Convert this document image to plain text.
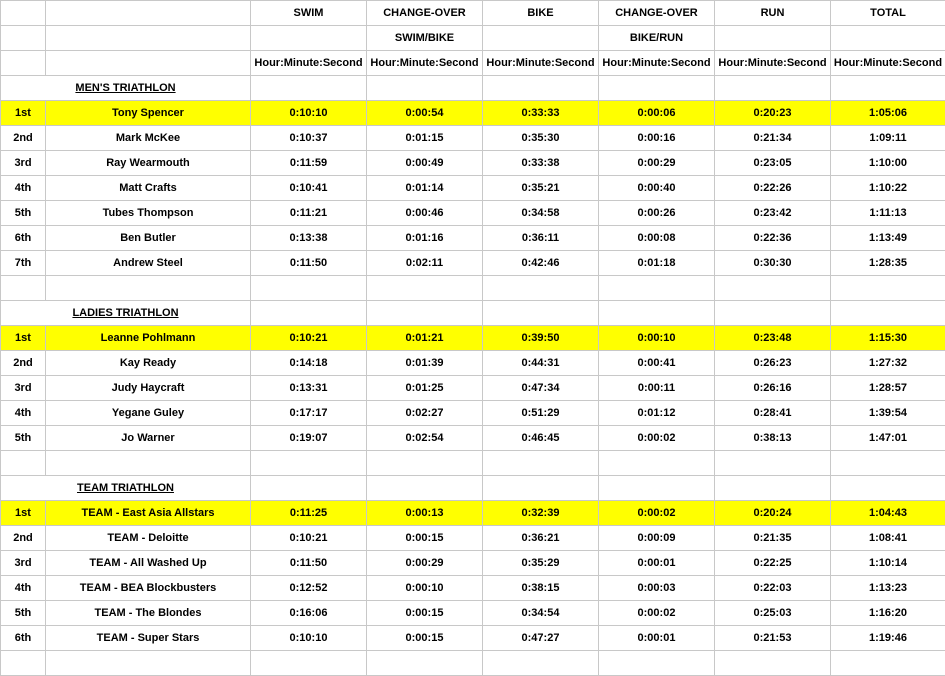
		SWIM	CHANGE-OVER	BIKE	CHANGE-OVER	RUN	TOTAL
			SWIM/BIKE		BIKE/RUN		
		Hour:Minute:Second	Hour:Minute:Second	Hour:Minute:Second	Hour:Minute:Second	Hour:Minute:Second	Hour:Minute:Second
MEN'S TRIATHLON							
1st	Tony Spencer	0:10:10	0:00:54	0:33:33	0:00:06	0:20:23	1:05:06
2nd	Mark McKee	0:10:37	0:01:15	0:35:30	0:00:16	0:21:34	1:09:11
3rd	Ray Wearmouth	0:11:59	0:00:49	0:33:38	0:00:29	0:23:05	1:10:00
4th	Matt Crafts	0:10:41	0:01:14	0:35:21	0:00:40	0:22:26	1:10:22
5th	Tubes Thompson	0:11:21	0:00:46	0:34:58	0:00:26	0:23:42	1:11:13
6th	Ben Butler	0:13:38	0:01:16	0:36:11	0:00:08	0:22:36	1:13:49
7th	Andrew Steel	0:11:50	0:02:11	0:42:46	0:01:18	0:30:30	1:28:35

LADIES TRIATHLON							
1st	Leanne Pohlmann	0:10:21	0:01:21	0:39:50	0:00:10	0:23:48	1:15:30
2nd	Kay Ready	0:14:18	0:01:39	0:44:31	0:00:41	0:26:23	1:27:32
3rd	Judy Haycraft	0:13:31	0:01:25	0:47:34	0:00:11	0:26:16	1:28:57
4th	Yegane Guley	0:17:17	0:02:27	0:51:29	0:01:12	0:28:41	1:39:54
5th	Jo Warner	0:19:07	0:02:54	0:46:45	0:00:02	0:38:13	1:47:01

TEAM TRIATHLON							
1st	TEAM - East Asia Allstars	0:11:25	0:00:13	0:32:39	0:00:02	0:20:24	1:04:43
2nd	TEAM - Deloitte	0:10:21	0:00:15	0:36:21	0:00:09	0:21:35	1:08:41
3rd	TEAM - All Washed Up	0:11:50	0:00:29	0:35:29	0:00:01	0:22:25	1:10:14
4th	TEAM - BEA Blockbusters	0:12:52	0:00:10	0:38:15	0:00:03	0:22:03	1:13:23
5th	TEAM - The Blondes	0:16:06	0:00:15	0:34:54	0:00:02	0:25:03	1:16:20
6th	TEAM - Super Stars	0:10:10	0:00:15	0:47:27	0:00:01	0:21:53	1:19:46
